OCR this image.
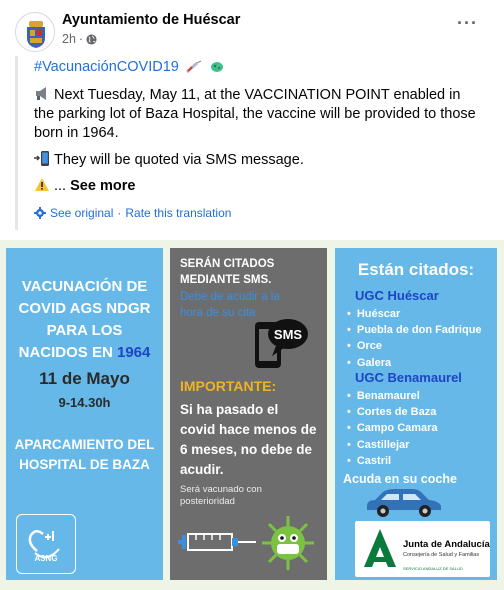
Ayuntamiento de Huéscar
2h ·
···
#VacunaciónCOVID19
Next Tuesday, May 11, at the VACCINATION POINT enabled in the parking lot of Baza Hospital, the vaccine will be provided to those born in 1964.
They will be quoted via SMS message.
... See more
See original · Rate this translation
VACUNACIÓN DE
COVID AGS NDGR
PARA LOS
NACIDOS EN 1964
11 de Mayo
9-14.30h
APARCAMIENTO DEL
HOSPITAL DE BAZA
ASNG
SERÁN CITADOS
MEDIANTE SMS.
Debe de acudir a la
hora de su cita
SMS
IMPORTANTE:
Si ha pasado el
covid hace menos de
6 meses, no debe de
acudir.
Será vacunado con
posterioridad
Están citados:
UGC Huéscar
• Huéscar
• Puebla de don Fadrique
• Orce
• Galera
UGC Benamaurel
• Benamaurel
• Cortes de Baza
• Campo Camara
• Castillejar
• Castril
Acuda en su coche
Junta de Andalucía
Consejería de Salud y Familias
SERVICIO ANDALUZ DE SALUD
